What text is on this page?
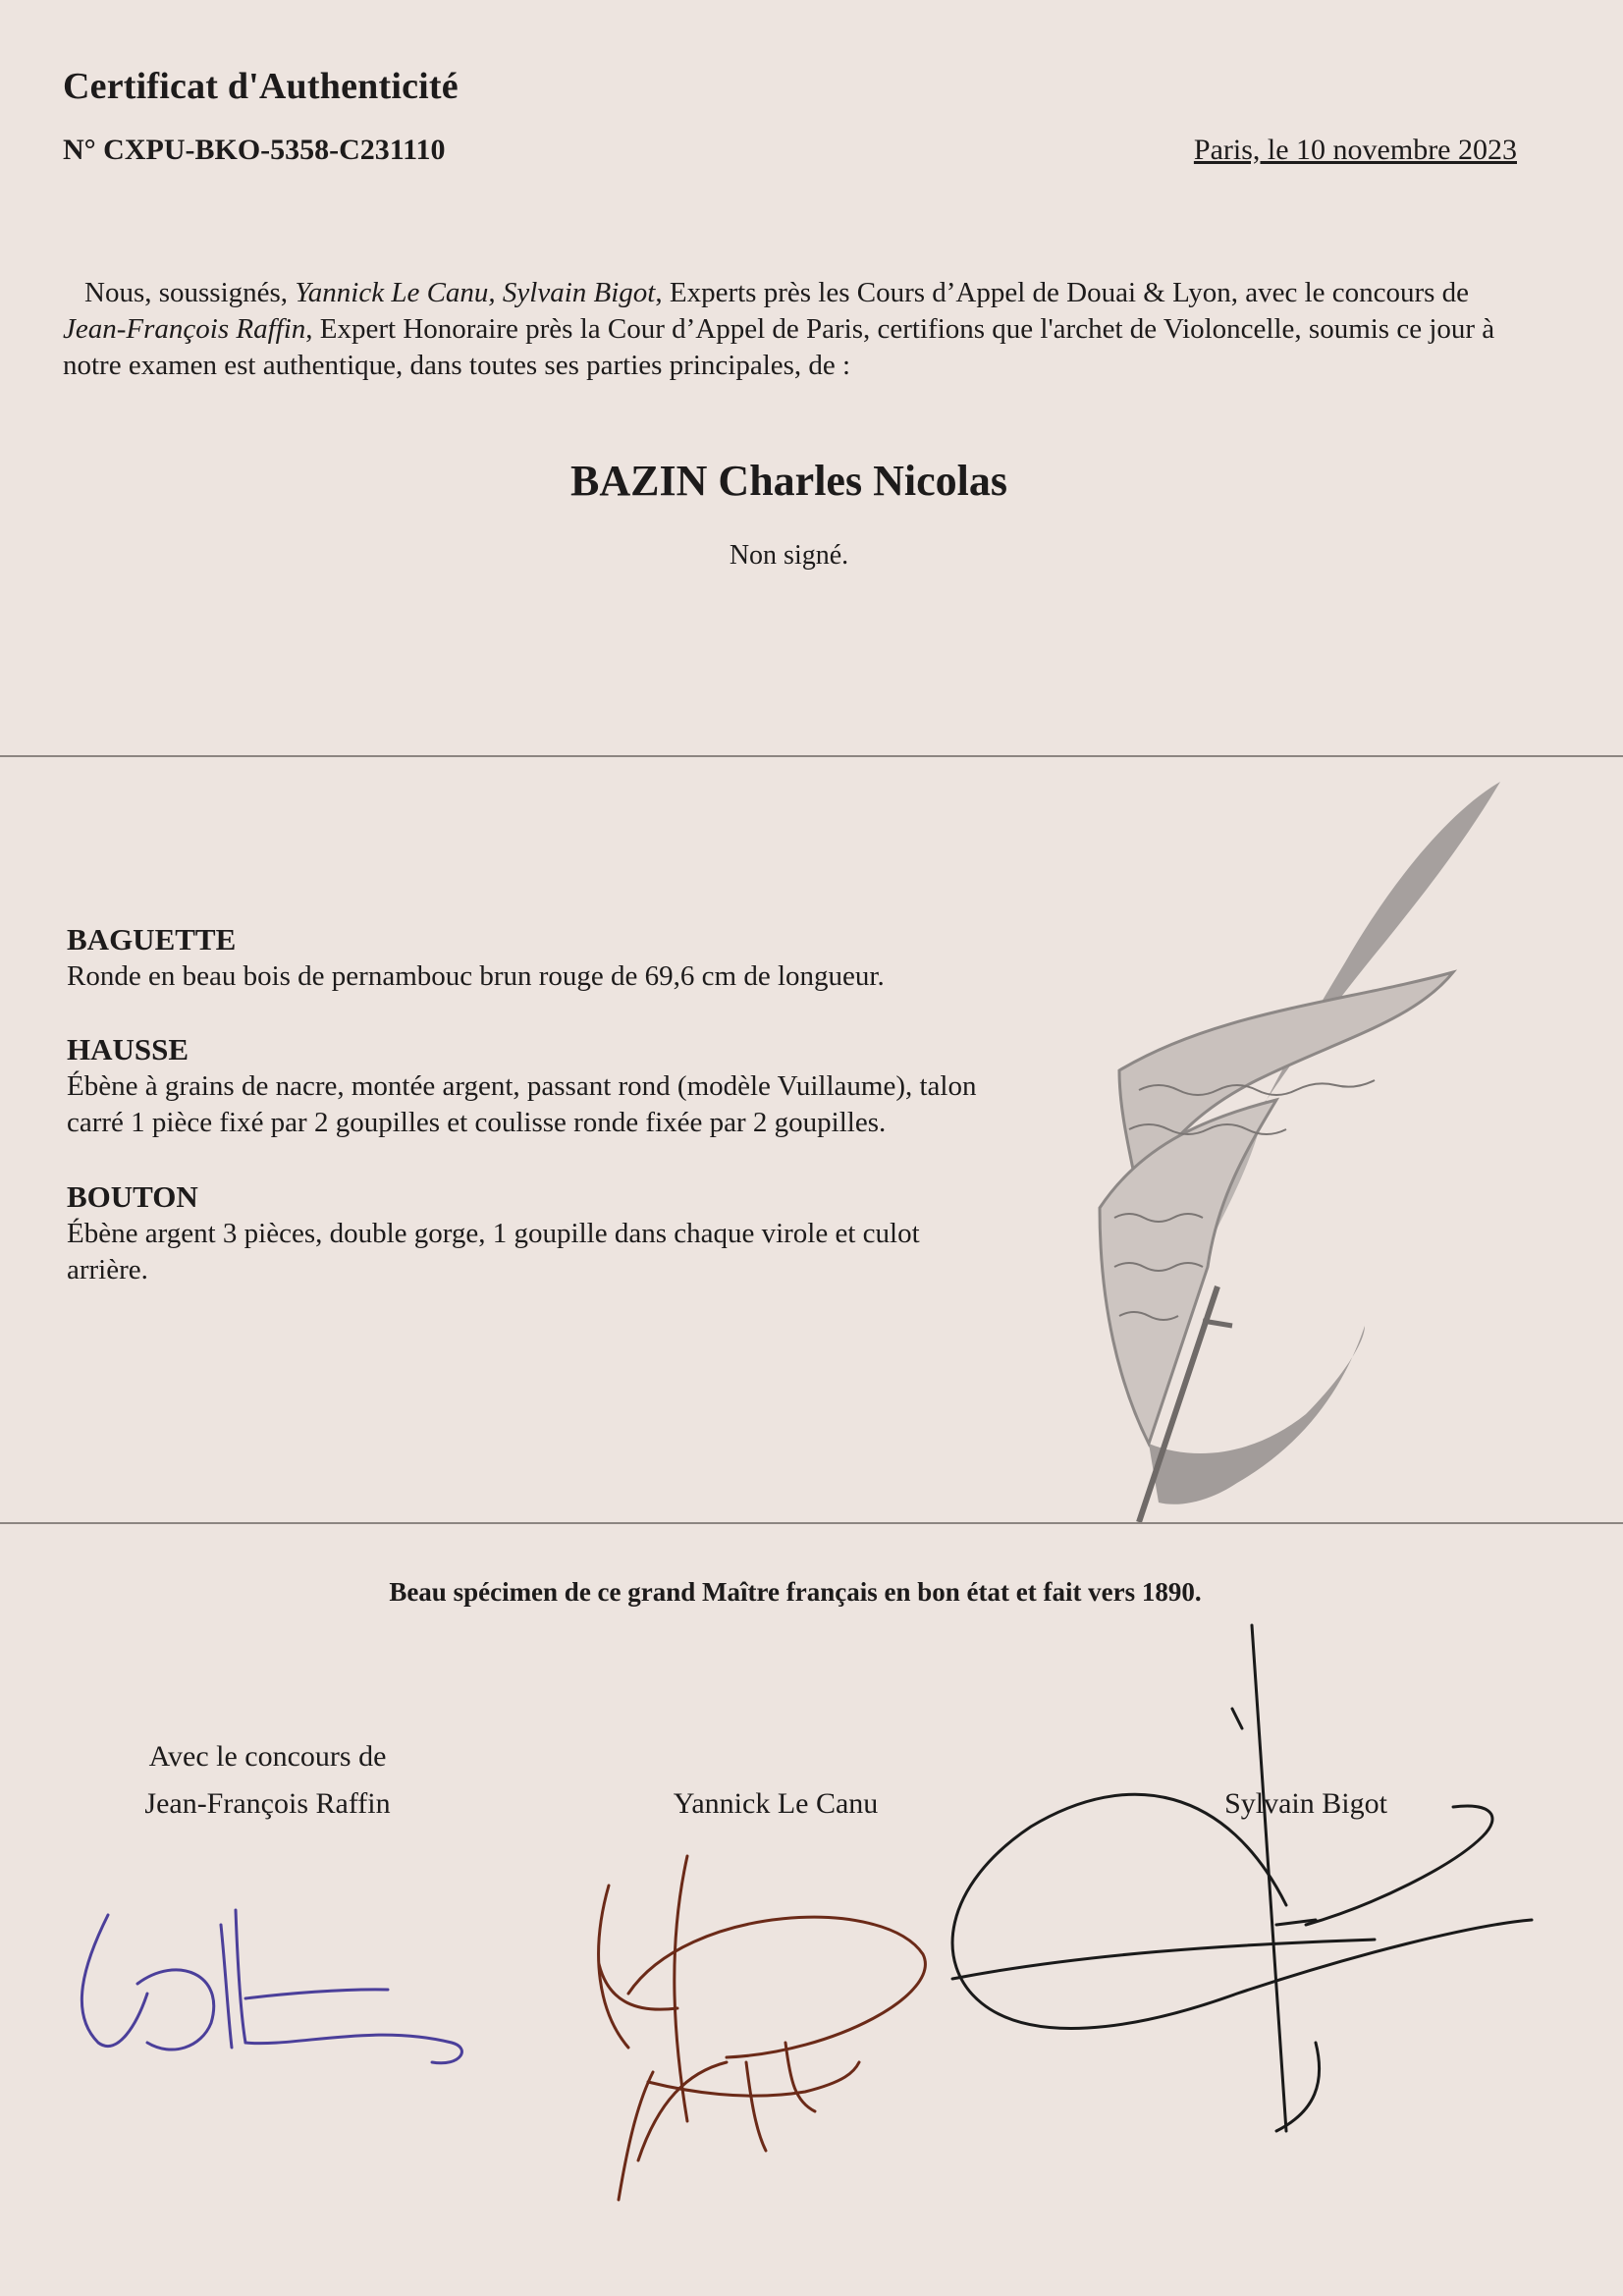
Certificat d'Authenticité
N° CXPU-BKO-5358-C231110	Paris, le 10 novembre 2023
Nous, soussignés, Yannick Le Canu, Sylvain Bigot, Experts près les Cours d’Appel de Douai & Lyon, avec le concours de Jean-François Raffin, Expert Honoraire près la Cour d’Appel de Paris, certifions que l'archet de Violoncelle, soumis ce jour à notre examen est authentique, dans toutes ses parties principales, de :
BAZIN Charles Nicolas
Non signé.
BAGUETTE

Ronde en beau bois de pernambouc brun rouge de 69,6 cm de longueur.

HAUSSE

Ébène à grains de nacre, montée argent, passant rond (modèle Vuillaume), talon carré 1 pièce fixé par 2 goupilles et coulisse ronde fixée par 2 goupilles.

BOUTON

Ébène argent 3 pièces, double gorge, 1 goupille dans chaque virole et culot arrière.

Beau spécimen de ce grand Maître français en bon état et fait vers 1890.
Avec le concours de
Jean-François Raffin	Yannick Le Canu	Sylvain Bigot
